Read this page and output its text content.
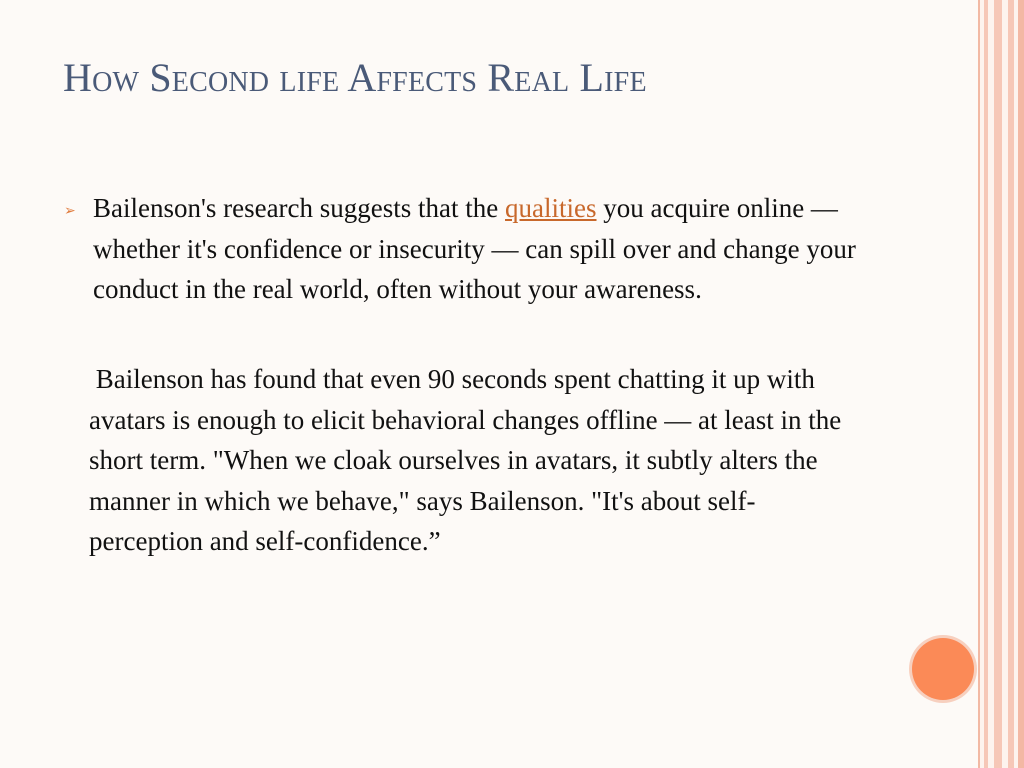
How Second life Affects Real Life
➢ Bailenson's research suggests that the qualities you acquire online — whether it's confidence or insecurity — can spill over and change your conduct in the real world, often without your awareness.
Bailenson has found that even 90 seconds spent chatting it up with avatars is enough to elicit behavioral changes offline — at least in the short term. "When we cloak ourselves in avatars, it subtly alters the manner in which we behave," says Bailenson. "It's about self-perception and self-confidence.”
